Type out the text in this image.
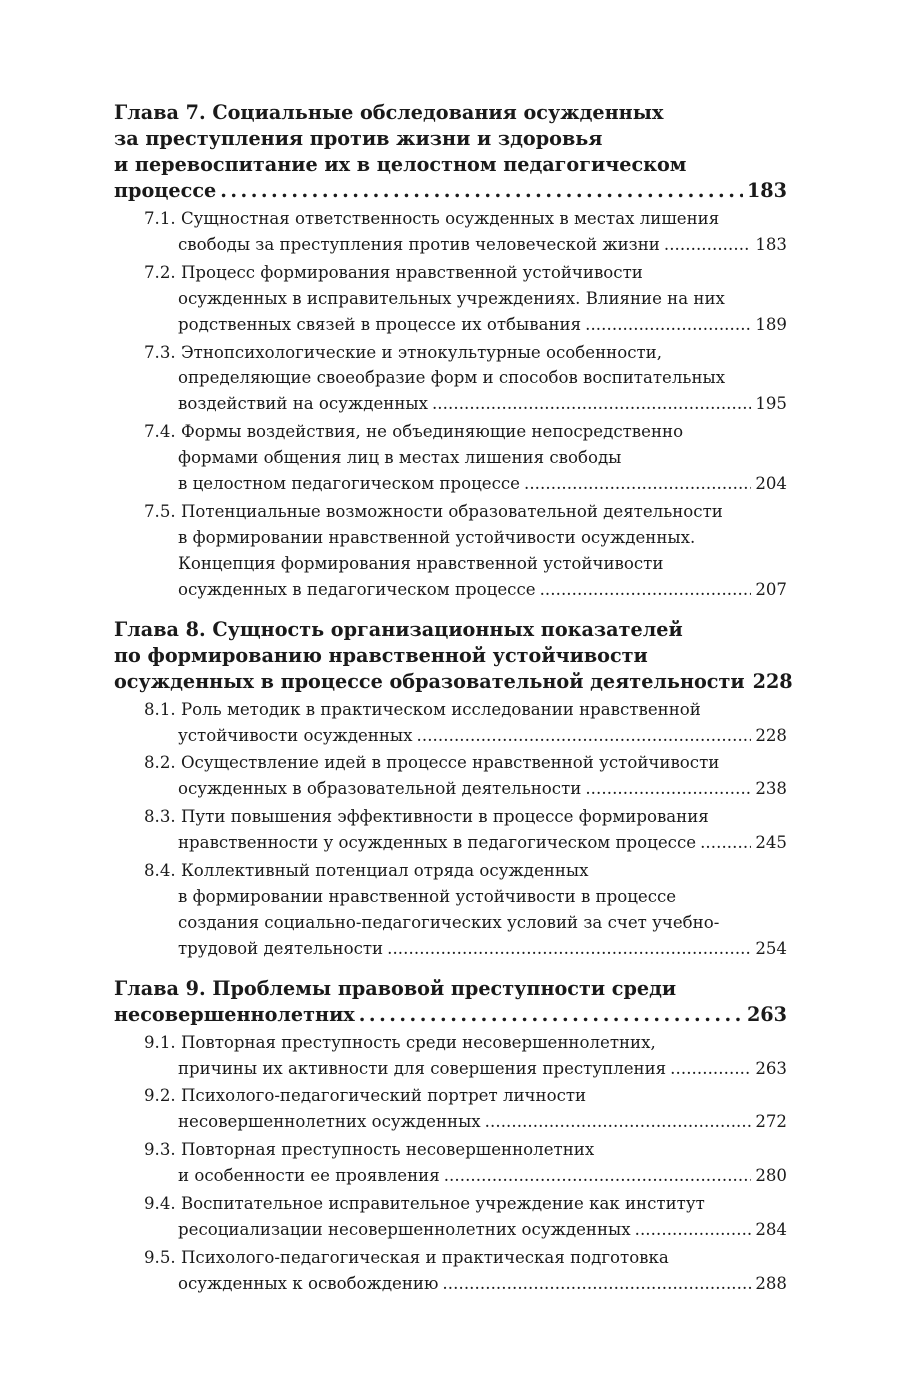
Глава 7. Социальные обследования осужденных
за преступления против жизни и здоровья
и перевоспитание их в целостном педагогическом
процессе . . .	183
7.1. Сущностная ответственность осужденных в местах лишения
свободы за преступления против человеческой жизни . . .	183
7.2. Процесс формирования нравственной устойчивости
осужденных в исправительных учреждениях. Влияние на них
родственных связей в процессе их отбывания . . .	189
7.3. Этнопсихологические и этнокультурные особенности,
определяющие своеобразие форм и способов воспитательных
воздействий на осужденных . . .	195
7.4. Формы воздействия, не объединяющие непосредственно
формами общения лиц в местах лишения свободы
в целостном педагогическом процессе . . .	204
7.5. Потенциальные возможности образовательной деятельности
в формировании нравственной устойчивости осужденных.
Концепция формирования нравственной устойчивости
осужденных в педагогическом процессе . . .	207
Глава 8. Сущность организационных показателей
по формированию нравственной устойчивости
осужденных в процессе образовательной деятельности 228
8.1. Роль методик в практическом исследовании нравственной
устойчивости осужденных . . .	228
8.2. Осуществление идей в процессе нравственной устойчивости
осужденных в образовательной деятельности . . .	238
8.3. Пути повышения эффективности в процессе формирования
нравственности у осужденных в педагогическом процессе . . .	245
8.4. Коллективный потенциал отряда осужденных
в формировании нравственной устойчивости в процессе
создания социально-педагогических условий за счет учебно-
трудовой деятельности . . .	254
Глава 9. Проблемы правовой преступности среди
несовершеннолетних . . .	263
9.1. Повторная преступность среди несовершеннолетних,
причины их активности для совершения преступления . . .	263
9.2. Психолого-педагогический портрет личности
несовершеннолетних осужденных . . .	272
9.3. Повторная преступность несовершеннолетних
и особенности ее проявления . . .	280
9.4. Воспитательное исправительное учреждение как институт
ресоциализации несовершеннолетних осужденных . . .	284
9.5. Психолого-педагогическая и практическая подготовка
осужденных к освобождению . . .	288
